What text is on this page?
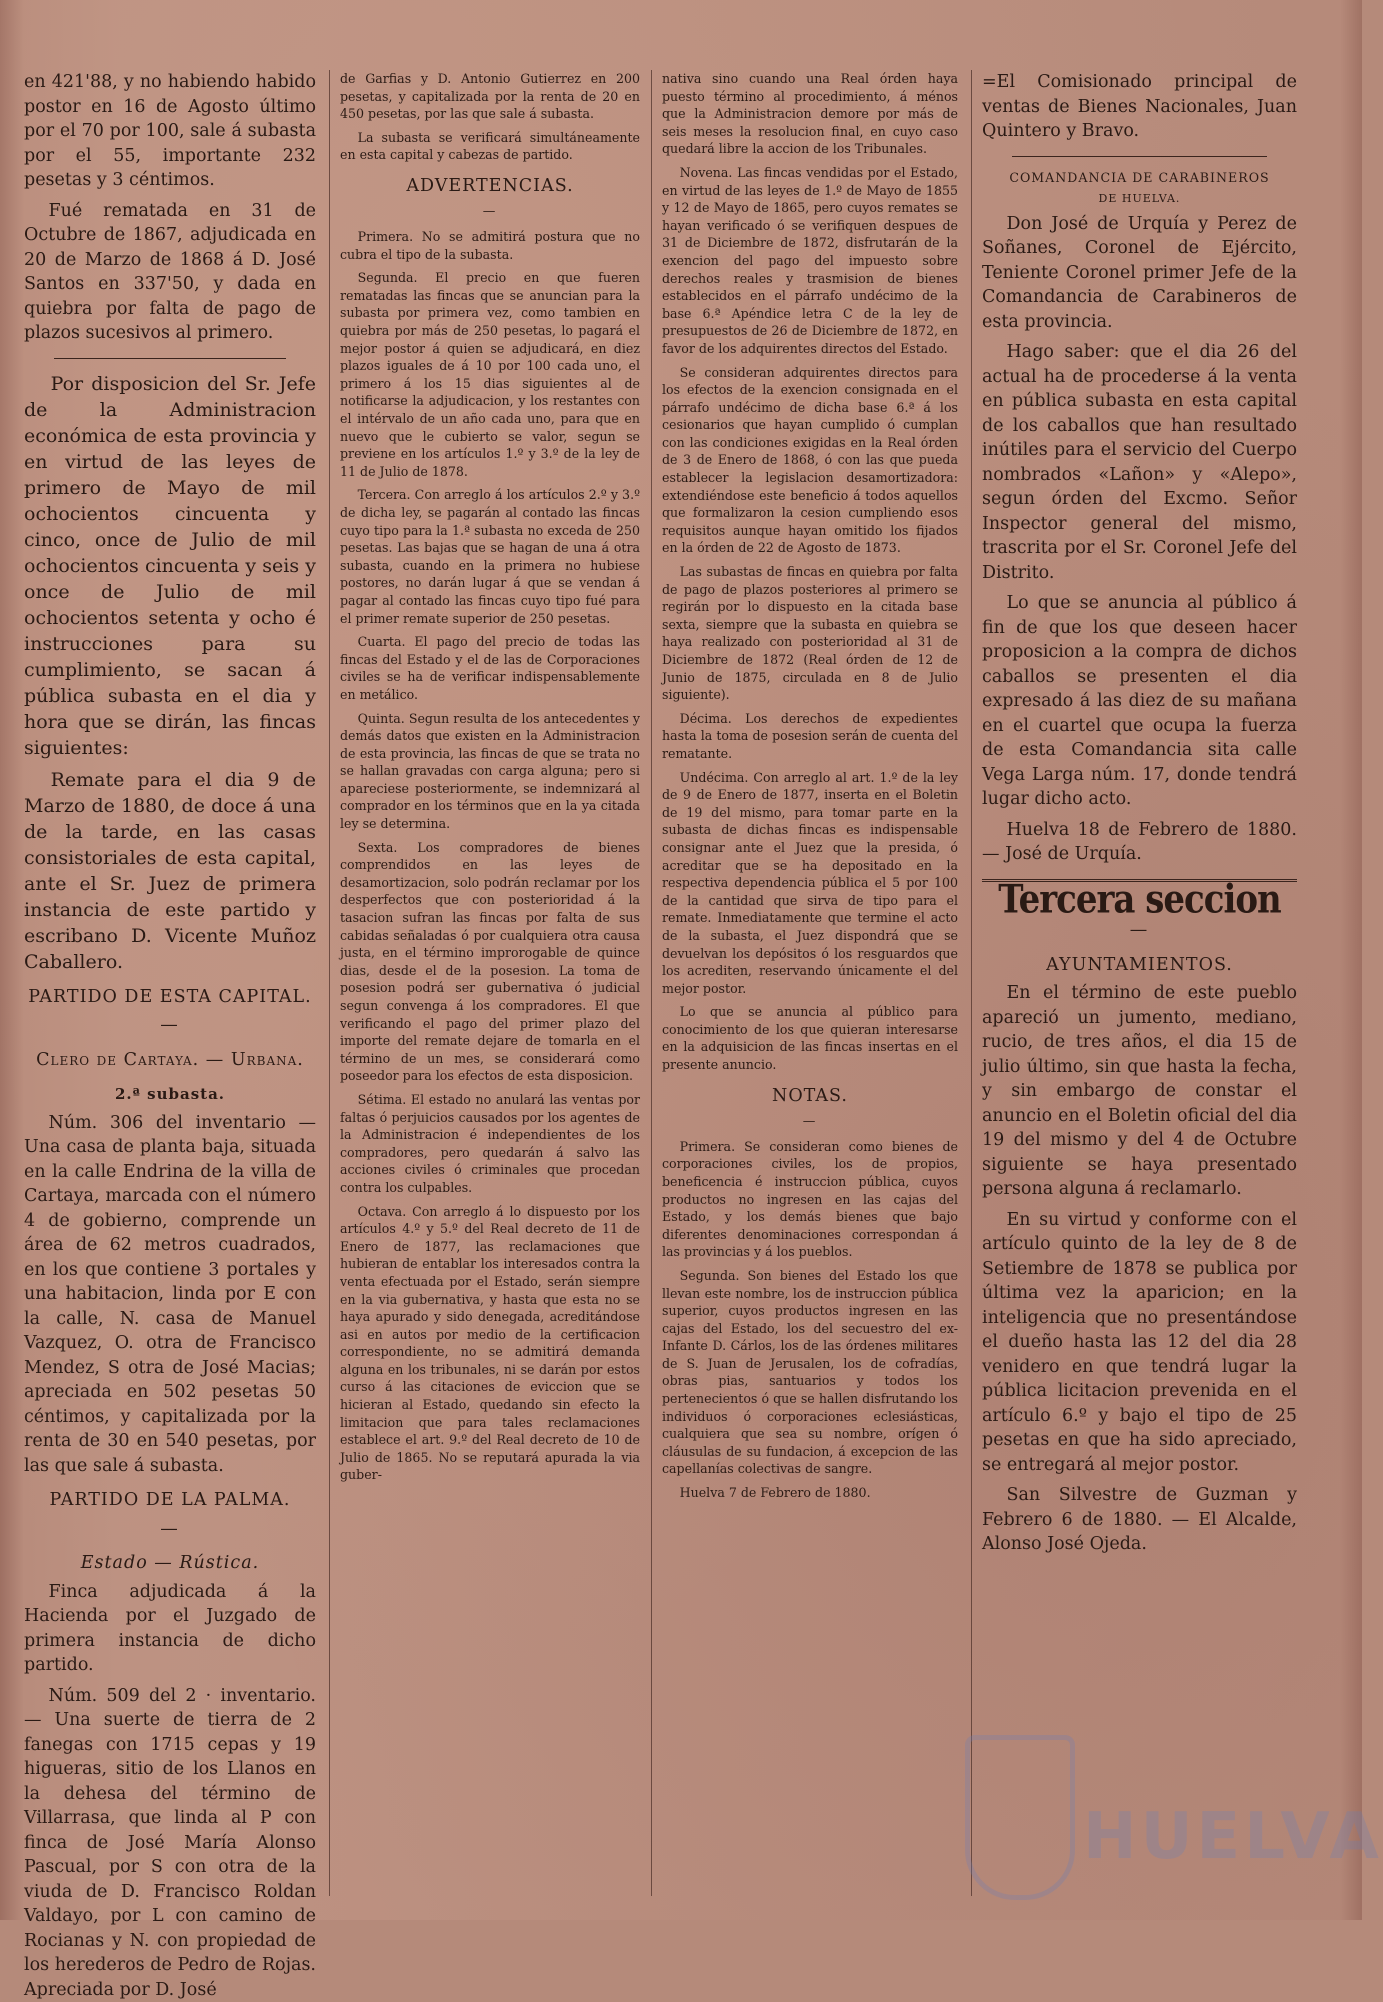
en 421'88, y no habiendo habido postor en 16 de Agosto último por el 70 por 100, sale á subasta por el 55, importante 232 pesetas y 3 céntimos.

Fué rematada en 31 de Octubre de 1867, adjudicada en 20 de Marzo de 1868 á D. José Santos en 337'50, y dada en quiebra por falta de pago de plazos sucesivos al primero.

Por disposicion del Sr. Jefe de la Administracion económica de esta provincia y en virtud de las leyes de primero de Mayo de mil ochocientos cincuenta y cinco, once de Julio de mil ochocientos cincuenta y seis y once de Julio de mil ochocientos setenta y ocho é instrucciones para su cumplimiento, se sacan á pública subasta en el dia y hora que se dirán, las fincas siguientes:

Remate para el dia 9 de Marzo de 1880, de doce á una de la tarde, en las casas consistoriales de esta capital, ante el Sr. Juez de primera instancia de este partido y escribano D. Vicente Muñoz Caballero.

PARTIDO DE ESTA CAPITAL.
—
Clero de Cartaya. — Urbana.
2.ª subasta.

Núm. 306 del inventario — Una casa de planta baja, situada en la calle Endrina de la villa de Cartaya, marcada con el número 4 de gobierno, comprende un área de 62 metros cuadrados, en los que contiene 3 portales y una habitacion, linda por E con la calle, N. casa de Manuel Vazquez, O. otra de Francisco Mendez, S otra de José Macias; apreciada en 502 pesetas 50 céntimos, y capitalizada por la renta de 30 en 540 pesetas, por las que sale á subasta.

PARTIDO DE LA PALMA.
—
Estado — Rústica.

Finca adjudicada á la Hacienda por el Juzgado de primera instancia de dicho partido.

Núm. 509 del 2 · inventario. — Una suerte de tierra de 2 fanegas con 1715 cepas y 19 higueras, sitio de los Llanos en la dehesa del término de Villarrasa, que linda al P con finca de José María Alonso Pascual, por S con otra de la viuda de D. Francisco Roldan Valdayo, por L con camino de Rocianas y N. con propiedad de los herederos de Pedro de Rojas. Apreciada por D. José

de Garfias y D. Antonio Gutierrez en 200 pesetas, y capitalizada por la renta de 20 en 450 pesetas, por las que sale á subasta.

La subasta se verificará simultáneamente en esta capital y cabezas de partido.

ADVERTENCIAS.
—

Primera. No se admitirá postura que no cubra el tipo de la subasta.

Segunda. El precio en que fueren rematadas las fincas que se anuncian para la subasta por primera vez, como tambien en quiebra por más de 250 pesetas, lo pagará el mejor postor á quien se adjudicará, en diez plazos iguales de á 10 por 100 cada uno, el primero á los 15 dias siguientes al de notificarse la adjudicacion, y los restantes con el intérvalo de un año cada uno, para que en nuevo que le cubierto se valor, segun se previene en los artículos 1.º y 3.º de la ley de 11 de Julio de 1878.

Tercera. Con arreglo á los artículos 2.º y 3.º de dicha ley, se pagarán al contado las fincas cuyo tipo para la 1.ª subasta no exceda de 250 pesetas. Las bajas que se hagan de una á otra subasta, cuando en la primera no hubiese postores, no darán lugar á que se vendan á pagar al contado las fincas cuyo tipo fué para el primer remate superior de 250 pesetas.

Cuarta. El pago del precio de todas las fincas del Estado y el de las de Corporaciones civiles se ha de verificar indispensablemente en metálico.

Quinta. Segun resulta de los antecedentes y demás datos que existen en la Administracion de esta provincia, las fincas de que se trata no se hallan gravadas con carga alguna; pero si apareciese posteriormente, se indemnizará al comprador en los términos que en la ya citada ley se determina.

Sexta. Los compradores de bienes comprendidos en las leyes de desamortizacion, solo podrán reclamar por los desperfectos que con posterioridad á la tasacion sufran las fincas por falta de sus cabidas señaladas ó por cualquiera otra causa justa, en el término improrogable de quince dias, desde el de la posesion. La toma de posesion podrá ser gubernativa ó judicial segun convenga á los compradores. El que verificando el pago del primer plazo del importe del remate dejare de tomarla en el término de un mes, se considerará como poseedor para los efectos de esta disposicion.

Sétima. El estado no anulará las ventas por faltas ó perjuicios causados por los agentes de la Administracion é independientes de los compradores, pero quedarán á salvo las acciones civiles ó criminales que procedan contra los culpables.

Octava. Con arreglo á lo dispuesto por los artículos 4.º y 5.º del Real decreto de 11 de Enero de 1877, las reclamaciones que hubieran de entablar los interesados contra la venta efectuada por el Estado, serán siempre en la via gubernativa, y hasta que esta no se haya apurado y sido denegada, acreditándose asi en autos por medio de la certificacion correspondiente, no se admitirá demanda alguna en los tribunales, ni se darán por estos curso á las citaciones de eviccion que se hicieran al Estado, quedando sin efecto la limitacion que para tales reclamaciones establece el art. 9.º del Real decreto de 10 de Julio de 1865. No se reputará apurada la via guber-

nativa sino cuando una Real órden haya puesto término al procedimiento, á ménos que la Administracion demore por más de seis meses la resolucion final, en cuyo caso quedará libre la accion de los Tribunales.

Novena. Las fincas vendidas por el Estado, en virtud de las leyes de 1.º de Mayo de 1855 y 12 de Mayo de 1865, pero cuyos remates se hayan verificado ó se verifiquen despues de 31 de Diciembre de 1872, disfrutarán de la exencion del pago del impuesto sobre derechos reales y trasmision de bienes establecidos en el párrafo undécimo de la base 6.ª Apéndice letra C de la ley de presupuestos de 26 de Diciembre de 1872, en favor de los adquirentes directos del Estado.

Se consideran adquirentes directos para los efectos de la exencion consignada en el párrafo undécimo de dicha base 6.ª á los cesionarios que hayan cumplido ó cumplan con las condiciones exigidas en la Real órden de 3 de Enero de 1868, ó con las que pueda establecer la legislacion desamortizadora: extendiéndose este beneficio á todos aquellos que formalizaron la cesion cumpliendo esos requisitos aunque hayan omitido los fijados en la órden de 22 de Agosto de 1873.

Las subastas de fincas en quiebra por falta de pago de plazos posteriores al primero se regirán por lo dispuesto en la citada base sexta, siempre que la subasta en quiebra se haya realizado con posterioridad al 31 de Diciembre de 1872 (Real órden de 12 de Junio de 1875, circulada en 8 de Julio siguiente).

Décima. Los derechos de expedientes hasta la toma de posesion serán de cuenta del rematante.

Undécima. Con arreglo al art. 1.º de la ley de 9 de Enero de 1877, inserta en el Boletin de 19 del mismo, para tomar parte en la subasta de dichas fincas es indispensable consignar ante el Juez que la presida, ó acreditar que se ha depositado en la respectiva dependencia pública el 5 por 100 de la cantidad que sirva de tipo para el remate. Inmediatamente que termine el acto de la subasta, el Juez dispondrá que se devuelvan los depósitos ó los resguardos que los acrediten, reservando únicamente el del mejor postor.

Lo que se anuncia al público para conocimiento de los que quieran interesarse en la adquisicion de las fincas insertas en el presente anuncio.

NOTAS.
—

Primera. Se consideran como bienes de corporaciones civiles, los de propios, beneficencia é instruccion pública, cuyos productos no ingresen en las cajas del Estado, y los demás bienes que bajo diferentes denominaciones correspondan á las provincias y á los pueblos.

Segunda. Son bienes del Estado los que llevan este nombre, los de instruccion pública superior, cuyos productos ingresen en las cajas del Estado, los del secuestro del ex-Infante D. Cárlos, los de las órdenes militares de S. Juan de Jerusalen, los de cofradías, obras pias, santuarios y todos los pertenecientos ó que se hallen disfrutando los individuos ó corporaciones eclesiásticas, cualquiera que sea su nombre, orígen ó cláusulas de su fundacion, á excepcion de las capellanías colectivas de sangre.

Huelva 7 de Febrero de 1880.

=El Comisionado principal de ventas de Bienes Nacionales, Juan Quintero y Bravo.

COMANDANCIA DE CARABINEROS
DE HUELVA.

Don José de Urquía y Perez de Soñanes, Coronel de Ejército, Teniente Coronel primer Jefe de la Comandancia de Carabineros de esta provincia.

Hago saber: que el dia 26 del actual ha de procederse á la venta en pública subasta en esta capital de los caballos que han resultado inútiles para el servicio del Cuerpo nombrados «Lañon» y «Alepo», segun órden del Excmo. Señor Inspector general del mismo, trascrita por el Sr. Coronel Jefe del Distrito.

Lo que se anuncia al público á fin de que los que deseen hacer proposicion a la compra de dichos caballos se presenten el dia expresado á las diez de su mañana en el cuartel que ocupa la fuerza de esta Comandancia sita calle Vega Larga núm. 17, donde tendrá lugar dicho acto.

Huelva 18 de Febrero de 1880. — José de Urquía.

Tercera seccion
—
AYUNTAMIENTOS.

En el término de este pueblo apareció un jumento, mediano, rucio, de tres años, el dia 15 de julio último, sin que hasta la fecha, y sin embargo de constar el anuncio en el Boletin oficial del dia 19 del mismo y del 4 de Octubre siguiente se haya presentado persona alguna á reclamarlo.

En su virtud y conforme con el artículo quinto de la ley de 8 de Setiembre de 1878 se publica por última vez la aparicion; en la inteligencia que no presentándose el dueño hasta las 12 del dia 28 venidero en que tendrá lugar la pública licitacion prevenida en el artículo 6.º y bajo el tipo de 25 pesetas en que ha sido apreciado, se entregará al mejor postor.

San Silvestre de Guzman y Febrero 6 de 1880. — El Alcalde, Alonso José Ojeda.

HUELVA
